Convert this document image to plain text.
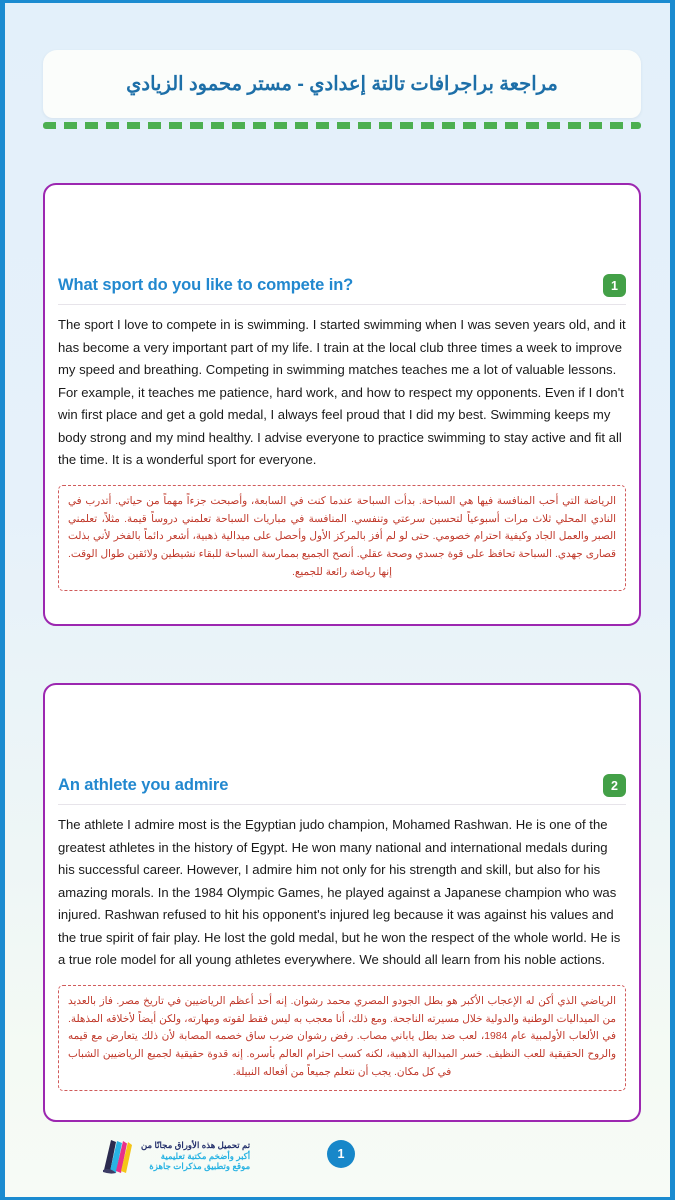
مراجعة براجرافات تالتة إعدادي - مستر محمود الزيادي
What sport do you like to compete in?	1
The sport I love to compete in is swimming. I started swimming when I was seven years old, and it has become a very important part of my life. I train at the local club three times a week to improve my speed and breathing. Competing in swimming matches teaches me a lot of valuable lessons. For example, it teaches me patience, hard work, and how to respect my opponents. Even if I don't win first place and get a gold medal, I always feel proud that I did my best. Swimming keeps my body strong and my mind healthy. I advise everyone to practice swimming to stay active and fit all the time. It is a wonderful sport for everyone.
الرياضة التي أحب المنافسة فيها هي السباحة. بدأت السباحة عندما كنت في السابعة، وأصبحت جزءاً مهماً من حياتي. أتدرب في النادي المحلي ثلاث مرات أسبوعياً لتحسين سرعتي وتنفسي. المنافسة في مباريات السباحة تعلمني دروساً قيمة. مثلاً، تعلمني الصبر والعمل الجاد وكيفية احترام خصومي. حتى لو لم أفز بالمركز الأول وأحصل على ميدالية ذهبية، أشعر دائماً بالفخر لأني بذلت قصارى جهدي. السباحة تحافظ على قوة جسدي وصحة عقلي. أنصح الجميع بممارسة السباحة للبقاء نشيطين ولائقين طوال الوقت. إنها رياضة رائعة للجميع.
An athlete you admire	2
The athlete I admire most is the Egyptian judo champion, Mohamed Rashwan. He is one of the greatest athletes in the history of Egypt. He won many national and international medals during his successful career. However, I admire him not only for his strength and skill, but also for his amazing morals. In the 1984 Olympic Games, he played against a Japanese champion who was injured. Rashwan refused to hit his opponent's injured leg because it was against his values and the true spirit of fair play. He lost the gold medal, but he won the respect of the whole world. He is a true role model for all young athletes everywhere. We should all learn from his noble actions.
الرياضي الذي أكن له الإعجاب الأكبر هو بطل الجودو المصري محمد رشوان. إنه أحد أعظم الرياضيين في تاريخ مصر. فاز بالعديد من الميداليات الوطنية والدولية خلال مسيرته الناجحة. ومع ذلك، أنا معجب به ليس فقط لقوته ومهارته، ولكن أيضاً لأخلاقه المذهلة. في الألعاب الأولمبية عام 1984، لعب ضد بطل ياباني مصاب. رفض رشوان ضرب ساق خصمه المصابة لأن ذلك يتعارض مع قيمه والروح الحقيقية للعب النظيف. خسر الميدالية الذهبية، لكنه كسب احترام العالم بأسره. إنه قدوة حقيقية لجميع الرياضيين الشباب في كل مكان. يجب أن نتعلم جميعاً من أفعاله النبيلة.
تم تحميل هذه الأوراق مجانًا من
أكبر وأضخم مكتبة تعليمية
موقع وتطبيق مذكرات جاهزة
1
